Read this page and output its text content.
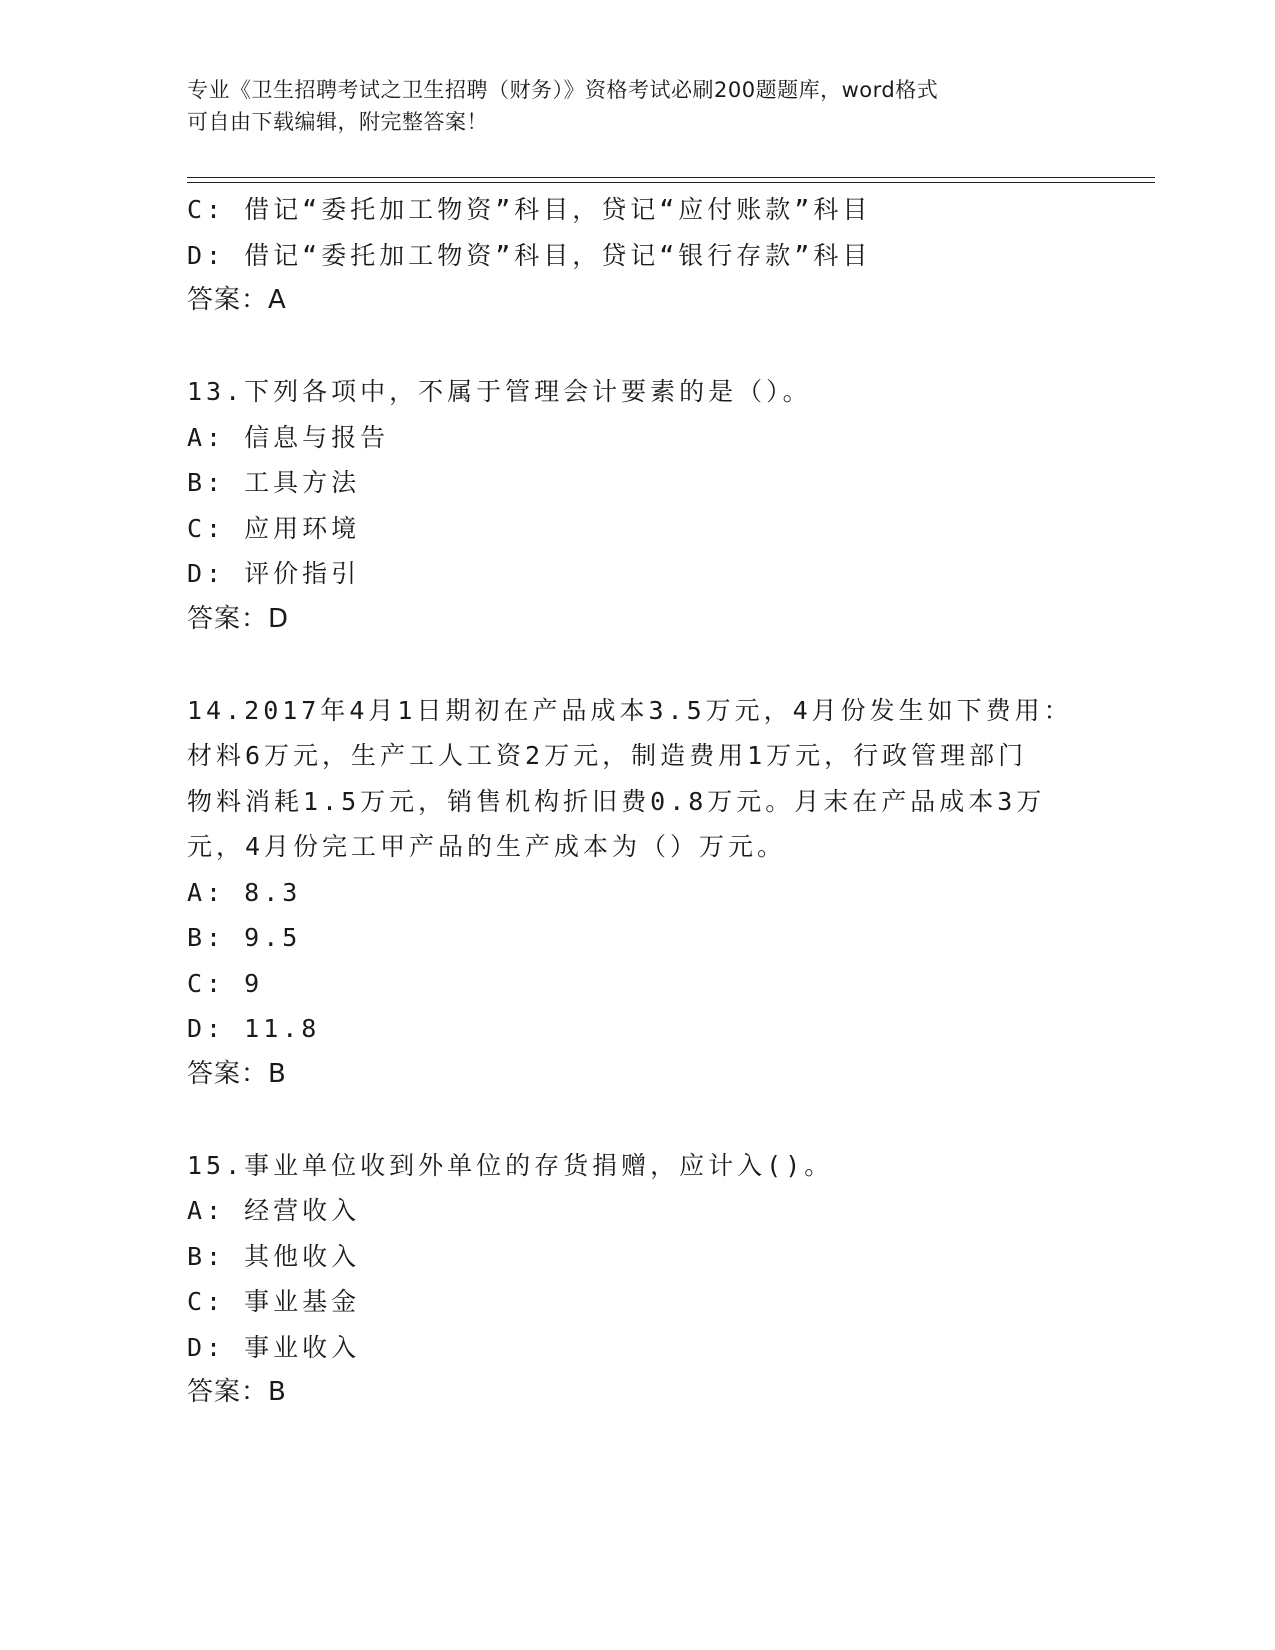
专业《卫生招聘考试之卫生招聘（财务）》资格考试必刷200题题库，word格式
可自由下载编辑，附完整答案！
C: 借记“委托加工物资”科目，贷记“应付账款”科目
D: 借记“委托加工物资”科目，贷记“银行存款”科目
答案：A
13.下列各项中，不属于管理会计要素的是（）。
A: 信息与报告
B: 工具方法
C: 应用环境
D: 评价指引
答案：D
14.2017年4月1日期初在产品成本3.5万元，4月份发生如下费用：
材料6万元，生产工人工资2万元，制造费用1万元，行政管理部门
物料消耗1.5万元，销售机构折旧费0.8万元。月末在产品成本3万
元，4月份完工甲产品的生产成本为（）万元。
A: 8.3
B: 9.5
C: 9
D: 11.8
答案：B
15.事业单位收到外单位的存货捐赠，应计入()。
A: 经营收入
B: 其他收入
C: 事业基金
D: 事业收入
答案：B
